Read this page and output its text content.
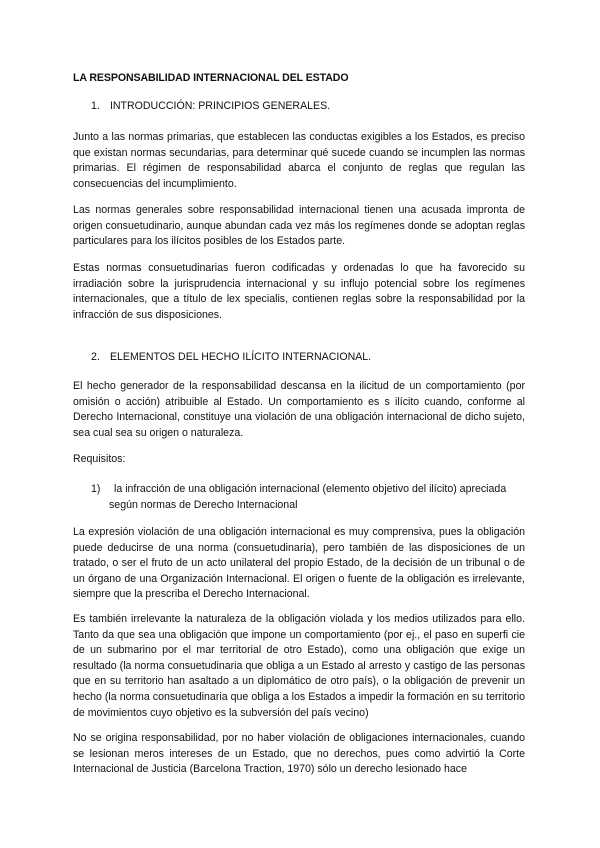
LA RESPONSABILIDAD INTERNACIONAL DEL ESTADO
1. INTRODUCCIÓN: PRINCIPIOS GENERALES.

Junto a las normas primarias, que establecen las conductas exigibles a los Estados, es preciso que existan normas secundarias, para determinar qué sucede cuando se incumplen las normas primarias. El régimen de responsabilidad abarca el conjunto de reglas que regulan las consecuencias del incumplimiento.

Las normas generales sobre responsabilidad internacional tienen una acusada impronta de origen consuetudinario, aunque abundan cada vez más los regímenes donde se adoptan reglas particulares para los ilícitos posibles de los Estados parte.

Estas normas consuetudinarias fueron codificadas y ordenadas lo que ha favorecido su irradiación sobre la jurisprudencia internacional y su influjo potencial sobre los regímenes internacionales, que a título de lex specialis, contienen reglas sobre la responsabilidad por la infracción de sus disposiciones.

2. ELEMENTOS DEL HECHO ILÍCITO INTERNACIONAL.

El hecho generador de la responsabilidad descansa en la ilicitud de un comportamiento (por omisión o acción) atribuible al Estado. Un comportamiento es s ilícito cuando, conforme al Derecho Internacional, constituye una violación de una obligación internacional de dicho sujeto, sea cual sea su origen o naturaleza.

Requisitos:

1)	la infracción de una obligación internacional (elemento objetivo del ilícito) apreciada según normas de Derecho Internacional

La expresión violación de una obligación internacional es muy comprensiva, pues la obligación puede deducirse de una norma (consuetudinaria), pero también de las disposiciones de un tratado, o ser el fruto de un acto unilateral del propio Estado, de la decisión de un tribunal o de un órgano de una Organización Internacional. El origen o fuente de la obligación es irrelevante, siempre que la prescriba el Derecho Internacional.

Es también irrelevante la naturaleza de la obligación violada y los medios utilizados para ello. Tanto da que sea una obligación que impone un comportamiento (por ej., el paso en superfi cie de un submarino por el mar territorial de otro Estado), como una obligación que exige un resultado (la norma consuetudinaria que obliga a un Estado al arresto y castigo de las personas que en su territorio han asaltado a un diplomático de otro país), o la obligación de prevenir un hecho (la norma consuetudinaria que obliga a los Estados a impedir la formación en su territorio de movimientos cuyo objetivo es la subversión del país vecino)

No se origina responsabilidad, por no haber violación de obligaciones internacionales, cuando se lesionan meros intereses de un Estado, que no derechos, pues como advirtió la Corte Internacional de Justicia (Barcelona Traction, 1970) sólo un derecho lesionado hace
